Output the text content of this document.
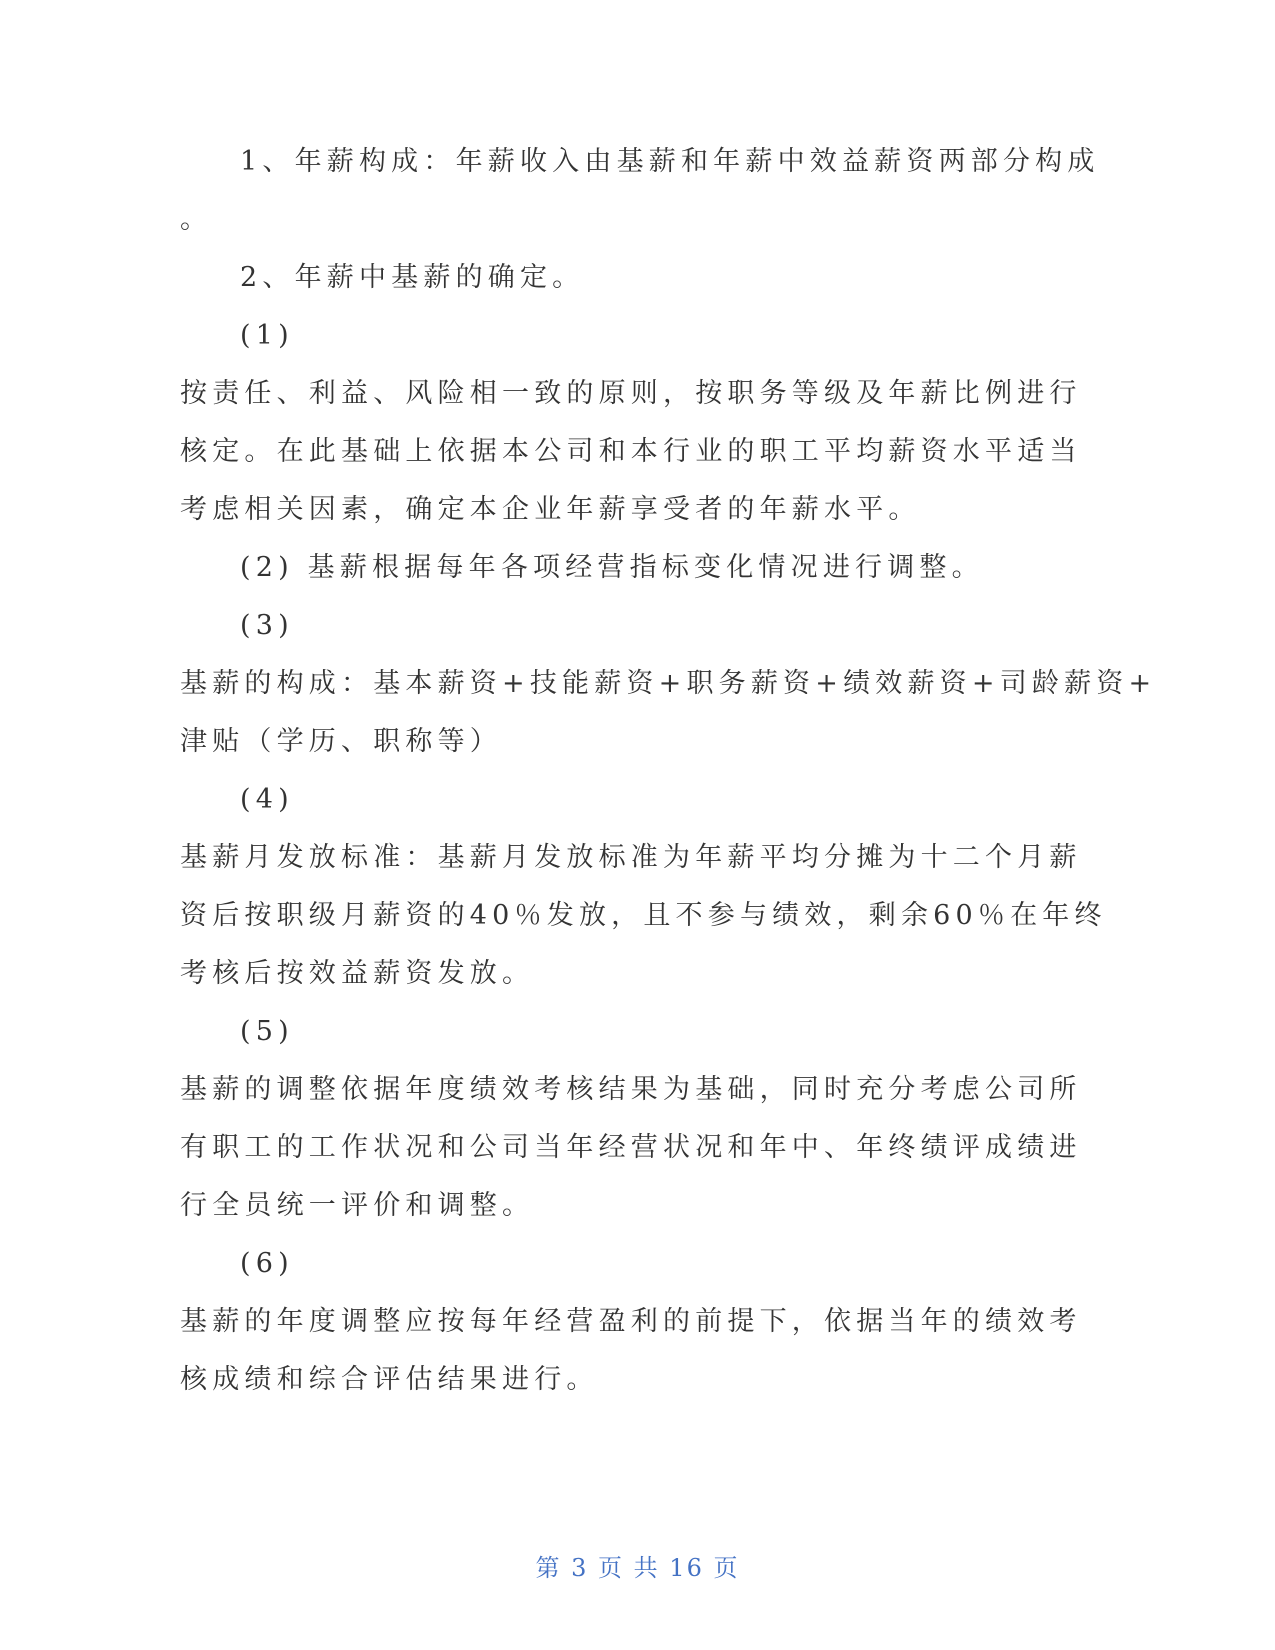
1、年薪构成：年薪收入由基薪和年薪中效益薪资两部分构成
。
2、年薪中基薪的确定。
(1)
按责任、利益、风险相一致的原则，按职务等级及年薪比例进行
核定。在此基础上依据本公司和本行业的职工平均薪资水平适当
考虑相关因素，确定本企业年薪享受者的年薪水平。
(2) 基薪根据每年各项经营指标变化情况进行调整。
(3)
基薪的构成：基本薪资+技能薪资+职务薪资+绩效薪资+司龄薪资+
津贴（学历、职称等）
(4)
基薪月发放标准：基薪月发放标准为年薪平均分摊为十二个月薪
资后按职级月薪资的40％发放，且不参与绩效，剩余60％在年终
考核后按效益薪资发放。
(5)
基薪的调整依据年度绩效考核结果为基础，同时充分考虑公司所
有职工的工作状况和公司当年经营状况和年中、年终绩评成绩进
行全员统一评价和调整。
(6)
基薪的年度调整应按每年经营盈利的前提下，依据当年的绩效考
核成绩和综合评估结果进行。
第 3 页 共 16 页
